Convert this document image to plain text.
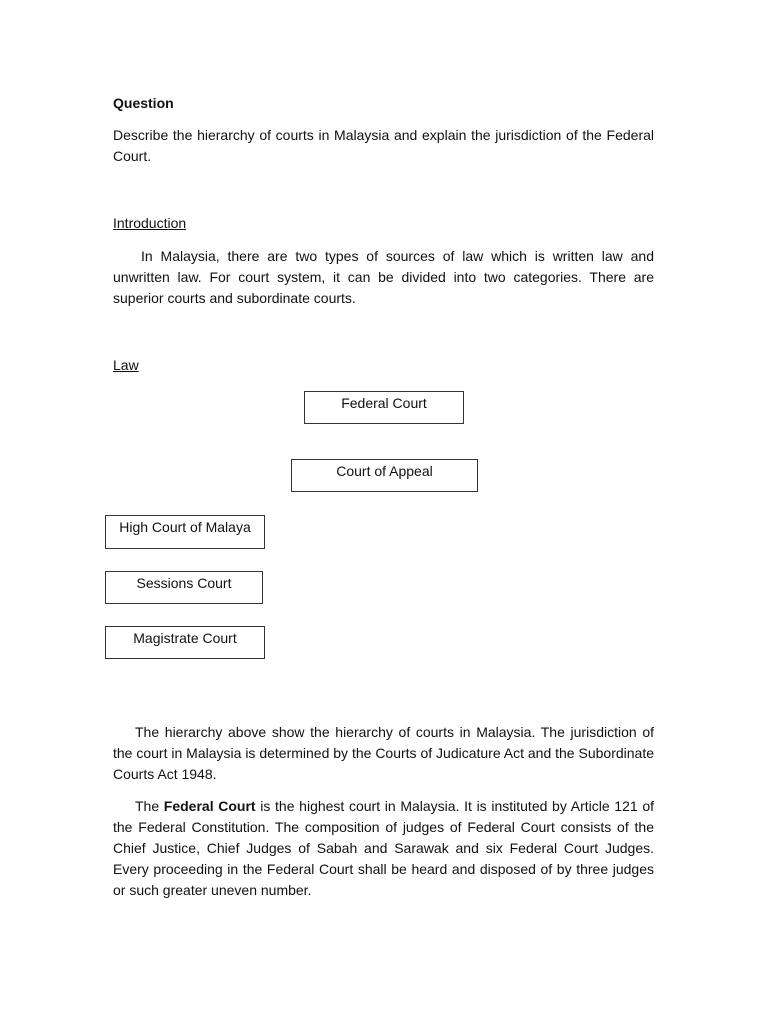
Question

Describe the hierarchy of courts in Malaysia and explain the jurisdiction of the Federal Court.

Introduction

In Malaysia, there are two types of sources of law which is written law and unwritten law. For court system, it can be divided into two categories. There are superior courts and subordinate courts.

Law

Federal Court
Court of Appeal
High Court of Malaya
Sessions Court
Magistrate Court

The hierarchy above show the hierarchy of courts in Malaysia. The jurisdiction of the court in Malaysia is determined by the Courts of Judicature Act and the Subordinate Courts Act 1948.

The Federal Court is the highest court in Malaysia. It is instituted by Article 121 of the Federal Constitution. The composition of judges of Federal Court consists of the Chief Justice, Chief Judges of Sabah and Sarawak and six Federal Court Judges. Every proceeding in the Federal Court shall be heard and disposed of by three judges or such greater uneven number.
